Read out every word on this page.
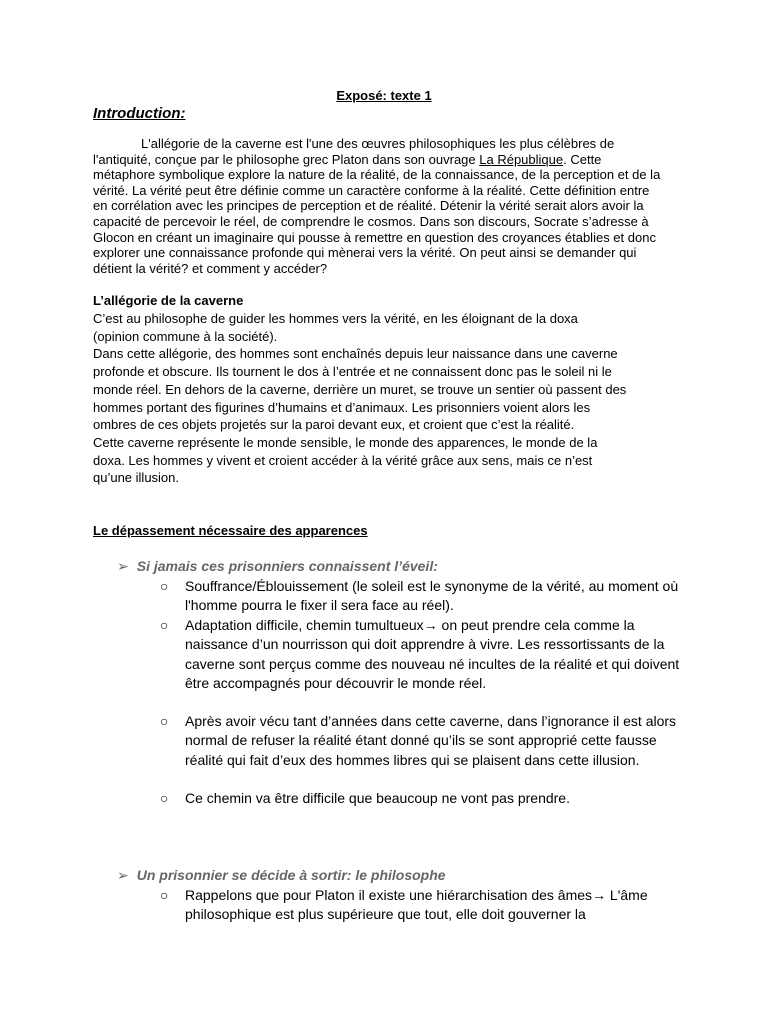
Exposé: texte 1
Introduction:
L'allégorie de la caverne est l'une des œuvres philosophiques les plus célèbres de l'antiquité, conçue par le philosophe grec Platon dans son ouvrage La République. Cette métaphore symbolique explore la nature de la réalité, de la connaissance, de la perception et de la vérité. La vérité peut être définie comme un caractère conforme à la réalité. Cette définition entre en corrélation avec les principes de perception et de réalité. Détenir la vérité serait alors avoir la capacité de percevoir le réel, de comprendre le cosmos. Dans son discours, Socrate s’adresse à Glocon en créant un imaginaire qui pousse à remettre en question des croyances établies et donc explorer une connaissance profonde qui mènerai vers la vérité. On peut ainsi se demander qui détient la vérité? et comment y accéder?
L’allégorie de la caverne
C’est au philosophe de guider les hommes vers la vérité, en les éloignant de la doxa
(opinion commune à la société).
Dans cette allégorie, des hommes sont enchaînés depuis leur naissance dans une caverne
profonde et obscure. Ils tournent le dos à l’entrée et ne connaissent donc pas le soleil ni le
monde réel. En dehors de la caverne, derrière un muret, se trouve un sentier où passent des
hommes portant des figurines d’humains et d’animaux. Les prisonniers voient alors les
ombres de ces objets projetés sur la paroi devant eux, et croient que c’est la réalité.
Cette caverne représente le monde sensible, le monde des apparences, le monde de la
doxa. Les hommes y vivent et croient accéder à la vérité grâce aux sens, mais ce n’est
qu’une illusion.
Le dépassement nécessaire des apparences
➢ Si jamais ces prisonniers connaissent l’éveil:
○	Souffrance/Éblouissement (le soleil est le synonyme de la vérité, au moment où l'homme pourra le fixer il sera face au réel).
○	Adaptation difficile, chemin tumultueux→ on peut prendre cela comme la naissance d’un nourrisson qui doit apprendre à vivre. Les ressortissants de la caverne sont perçus comme des nouveau né incultes de la réalité et qui doivent être accompagnés pour découvrir le monde réel.
○	Après avoir vécu tant d’années dans cette caverne, dans l’ignorance il est alors normal de refuser la réalité étant donné qu’ils se sont approprié cette fausse réalité qui fait d’eux des hommes libres qui se plaisent dans cette illusion.
○	Ce chemin va être difficile que beaucoup ne vont pas prendre.
➢ Un prisonnier se décide à sortir: le philosophe
○	Rappelons que pour Platon il existe une hiérarchisation des âmes→ L'âme philosophique est plus supérieure que tout, elle doit gouverner la
